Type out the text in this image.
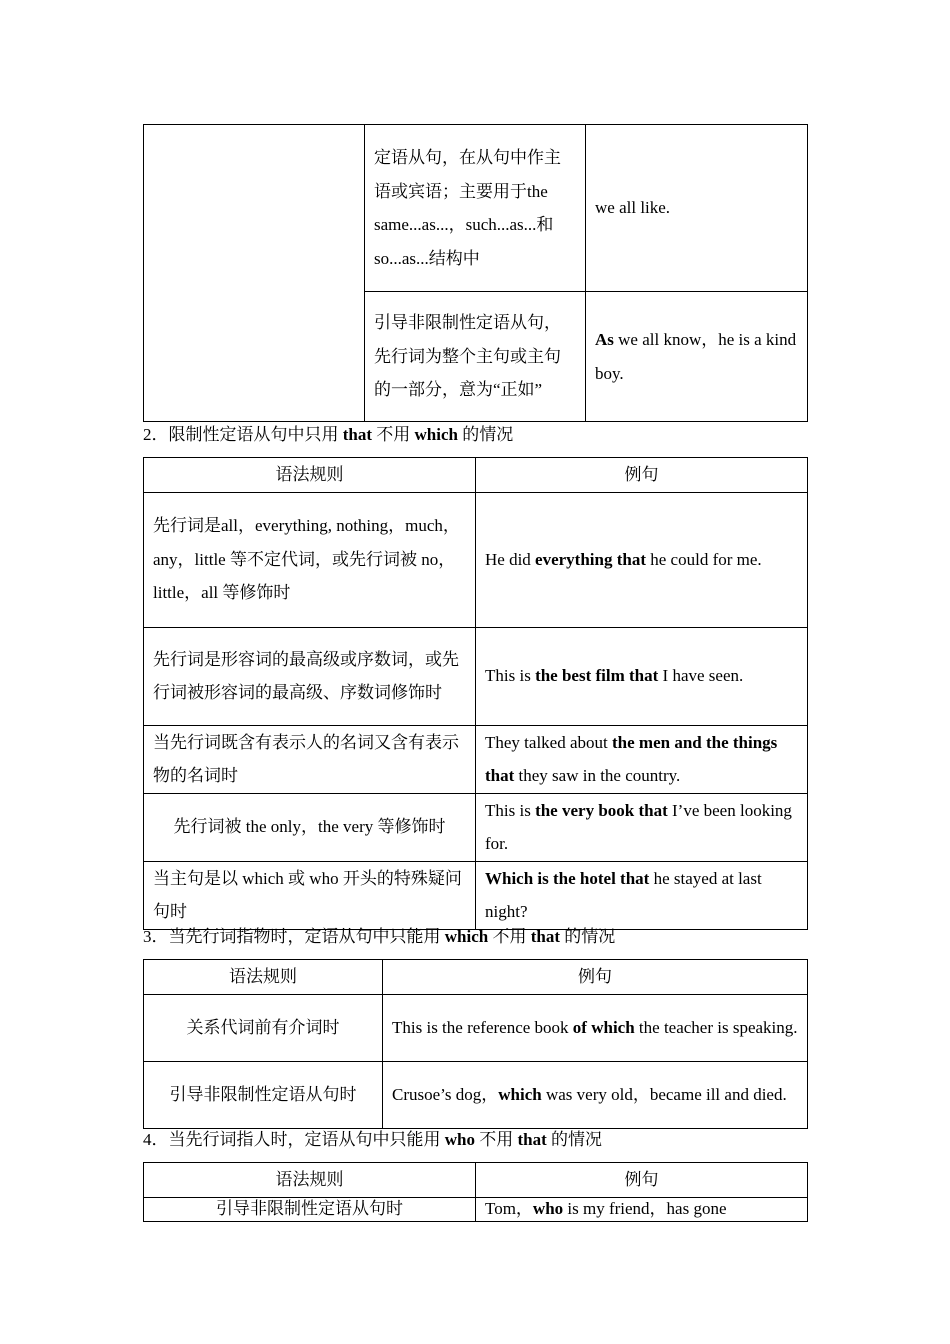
	定语从句，在从句中作主语或宾语；主要用于the same...as...，such...as...和so...as...结构中	we all like.
	引导非限制性定语从句，先行词为整个主句或主句的一部分，意为“正如”	As we all know，he is a kind boy.
2．限制性定语从句中只用 that 不用 which 的情况
语法规则	例句
先行词是all，everything, nothing，much，any，little 等不定代词，或先行词被 no，little，all 等修饰时	He did everything that he could for me.
先行词是形容词的最高级或序数词，或先行词被形容词的最高级、序数词修饰时	This is the best film that I have seen.
当先行词既含有表示人的名词又含有表示物的名词时	They talked about the men and the things that they saw in the country.
先行词被 the only，the very 等修饰时	This is the very book that I’ve been looking for.
当主句是以 which 或 who 开头的特殊疑问句时	Which is the hotel that he stayed at last night?
3．当先行词指物时，定语从句中只能用 which 不用 that 的情况
语法规则	例句
关系代词前有介词时	This is the reference book of which the teacher is speaking.
引导非限制性定语从句时	Crusoe’s dog，which was very old，became ill and died.
4．当先行词指人时，定语从句中只能用 who 不用 that 的情况
语法规则	例句
引导非限制性定语从句时	Tom，who is my friend，has gone
